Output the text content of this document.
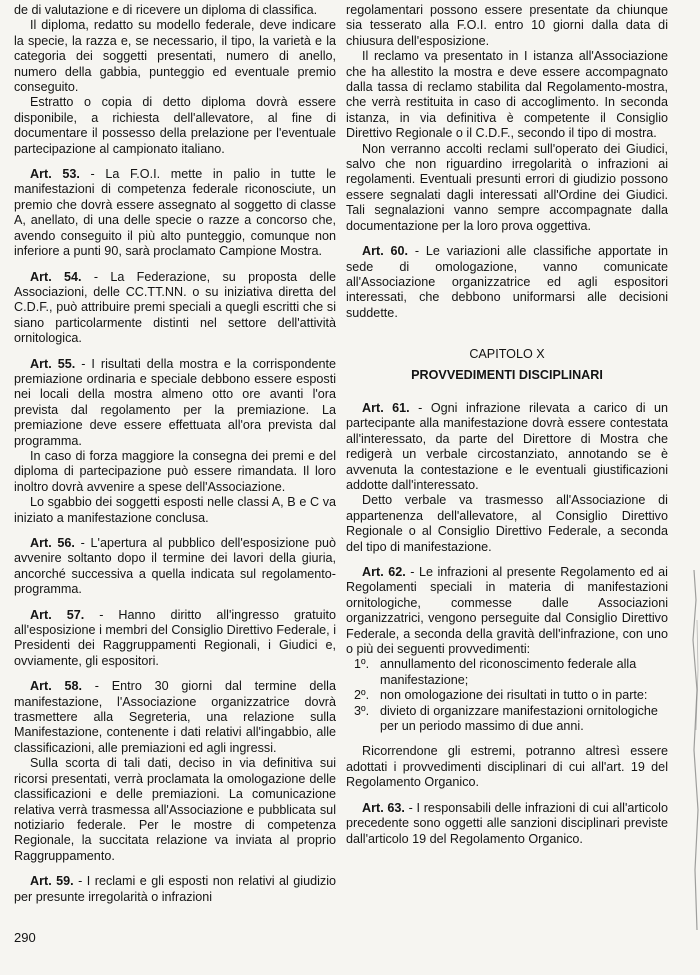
de di valutazione e di ricevere un diploma di classifica.

Il diploma, redatto su modello federale, deve indicare la specie, la razza e, se necessario, il tipo, la varietà e la categoria dei soggetti presentati, numero di anello, numero della gabbia, punteggio ed eventuale premio conseguito.

Estratto o copia di detto diploma dovrà essere disponibile, a richiesta dell'allevatore, al fine di documentare il possesso della prelazione per l'eventuale partecipazione al campionato italiano.

Art. 53. - La F.O.I. mette in palio in tutte le manifestazioni di competenza federale riconosciute, un premio che dovrà essere assegnato al soggetto di classe A, anellato, di una delle specie o razze a concorso che, avendo conseguito il più alto punteggio, comunque non inferiore a punti 90, sarà proclamato Campione Mostra.

Art. 54. - La Federazione, su proposta delle Associazioni, delle CC.TT.NN. o su iniziativa diretta del C.D.F., può attribuire premi speciali a quegli escritti che si siano particolarmente distinti nel settore dell'attività ornitologica.

Art. 55. - I risultati della mostra e la corrispondente premiazione ordinaria e speciale debbono essere esposti nei locali della mostra almeno otto ore avanti l'ora prevista dal regolamento per la premiazione. La premiazione deve essere effettuata all'ora prevista dal programma.

In caso di forza maggiore la consegna dei premi e del diploma di partecipazione può essere rimandata. Il loro inoltro dovrà avvenire a spese dell'Associazione.

Lo sgabbio dei soggetti esposti nelle classi A, B e C va iniziato a manifestazione conclusa.

Art. 56. - L'apertura al pubblico dell'esposizione può avvenire soltanto dopo il termine dei lavori della giuria, ancorché successiva a quella indicata sul regolamento-programma.

Art. 57. - Hanno diritto all'ingresso gratuito all'esposizione i membri del Consiglio Direttivo Federale, i Presidenti dei Raggruppamenti Regionali, i Giudici e, ovviamente, gli espositori.

Art. 58. - Entro 30 giorni dal termine della manifestazione, l'Associazione organizzatrice dovrà trasmettere alla Segreteria, una relazione sulla Manifestazione, contenente i dati relativi all'ingabbio, alle classificazioni, alle premiazioni ed agli ingressi.

Sulla scorta di tali dati, deciso in via definitiva sui ricorsi presentati, verrà proclamata la omologazione delle classificazioni e delle premiazioni. La comunicazione relativa verrà trasmessa all'Associazione e pubblicata sul notiziario federale. Per le mostre di competenza Regionale, la succitata relazione va inviata al proprio Raggruppamento.

Art. 59. - I reclami e gli esposti non relativi al giudizio per presunte irregolarità o infrazioni

regolamentari possono essere presentate da chiunque sia tesserato alla F.O.I. entro 10 giorni dalla data di chiusura dell'esposizione.

Il reclamo va presentato in I istanza all'Associazione che ha allestito la mostra e deve essere accompagnato dalla tassa di reclamo stabilita dal Regolamento-mostra, che verrà restituita in caso di accoglimento. In seconda istanza, in via definitiva è competente il Consiglio Direttivo Regionale o il C.D.F., secondo il tipo di mostra.

Non verranno accolti reclami sull'operato dei Giudici, salvo che non riguardino irregolarità o infrazioni ai regolamenti. Eventuali presunti errori di giudizio possono essere segnalati dagli interessati all'Ordine dei Giudici. Tali segnalazioni vanno sempre accompagnate dalla documentazione per la loro prova oggettiva.

Art. 60. - Le variazioni alle classifiche apportate in sede di omologazione, vanno comunicate all'Associazione organizzatrice ed agli espositori interessati, che debbono uniformarsi alle decisioni suddette.

CAPITOLO X
PROVVEDIMENTI DISCIPLINARI

Art. 61. - Ogni infrazione rilevata a carico di un partecipante alla manifestazione dovrà essere contestata all'interessato, da parte del Direttore di Mostra che redigerà un verbale circostanziato, annotando se è avvenuta la contestazione e le eventuali giustificazioni addotte dall'interessato.

Detto verbale va trasmesso all'Associazione di appartenenza dell'allevatore, al Consiglio Direttivo Regionale o al Consiglio Direttivo Federale, a seconda del tipo di manifestazione.

Art. 62. - Le infrazioni al presente Regolamento ed ai Regolamenti speciali in materia di manifestazioni ornitologiche, commesse dalle Associazioni organizzatrici, vengono perseguite dal Consiglio Direttivo Federale, a seconda della gravità dell'infrazione, con uno o più dei seguenti provvedimenti:

1º. annullamento del riconoscimento federale alla manifestazione;
2º. non omologazione dei risultati in tutto o in parte:
3º. divieto di organizzare manifestazioni ornitologiche per un periodo massimo di due anni.

Ricorrendone gli estremi, potranno altresì essere adottati i provvedimenti disciplinari di cui all'art. 19 del Regolamento Organico.

Art. 63. - I responsabili delle infrazioni di cui all'articolo precedente sono oggetti alle sanzioni disciplinari previste dall'articolo 19 del Regolamento Organico.

290
